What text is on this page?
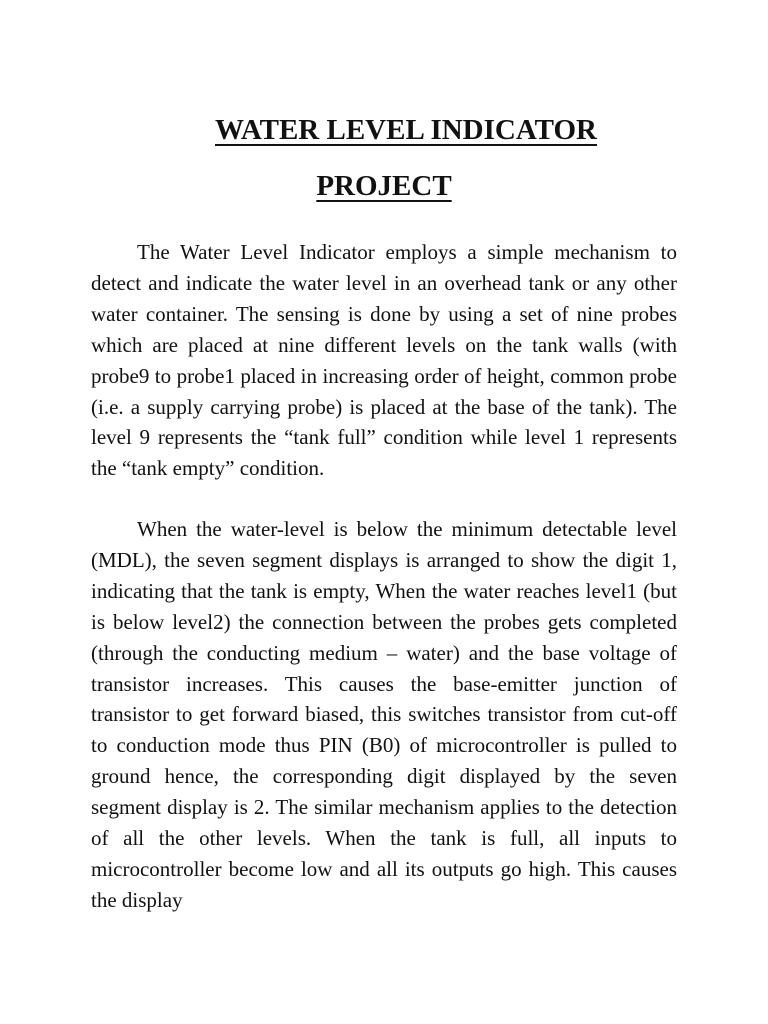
WATER LEVEL INDICATOR
PROJECT

The Water Level Indicator employs a simple mechanism to detect and indicate the water level in an overhead tank or any other water container. The sensing is done by using a set of nine probes which are placed at nine different levels on the tank walls (with probe9 to probe1 placed in increasing order of height, common probe (i.e. a supply carrying probe) is placed at the base of the tank). The level 9 represents the “tank full” condition while level 1 represents the “tank empty” condition.

When the water-level is below the minimum detectable level (MDL), the seven segment displays is arranged to show the digit 1, indicating that the tank is empty, When the water reaches level1 (but is below level2) the connection between the probes gets completed (through the conducting medium – water) and the base voltage of transistor increases. This causes the base-emitter junction of transistor to get forward biased, this switches transistor from cut-off to conduction mode thus PIN (B0) of microcontroller is pulled to ground hence, the corresponding digit displayed by the seven segment display is 2. The similar mechanism applies to the detection of all the other levels. When the tank is full, all inputs to microcontroller become low and all its outputs go high. This causes the display
